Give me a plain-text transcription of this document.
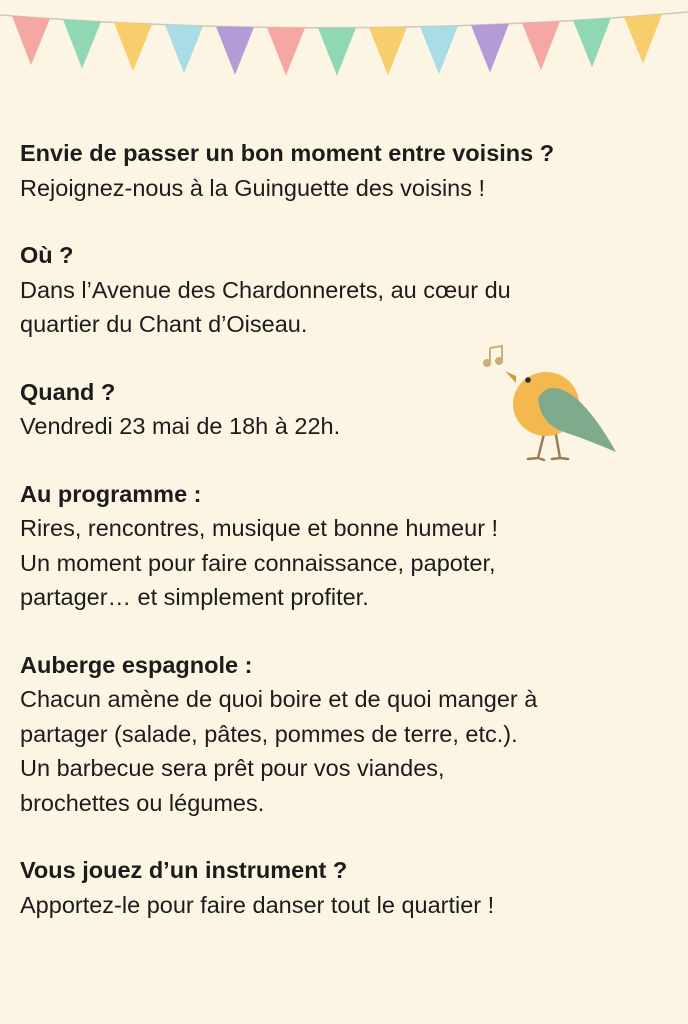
Envie de passer un bon moment entre voisins ?

Rejoignez-nous à la Guinguette des voisins !

Où ?

Dans l’Avenue des Chardonnerets, au cœur du

quartier du Chant d’Oiseau.

Quand ?

Vendredi 23 mai de 18h à 22h.

Au programme :

Rires, rencontres, musique et bonne humeur !

Un moment pour faire connaissance, papoter,

partager… et simplement profiter.

Auberge espagnole :

Chacun amène de quoi boire et de quoi manger à

partager (salade, pâtes, pommes de terre, etc.).

Un barbecue sera prêt pour vos viandes,

brochettes ou légumes.

Vous jouez d’un instrument ?

Apportez-le pour faire danser tout le quartier !
